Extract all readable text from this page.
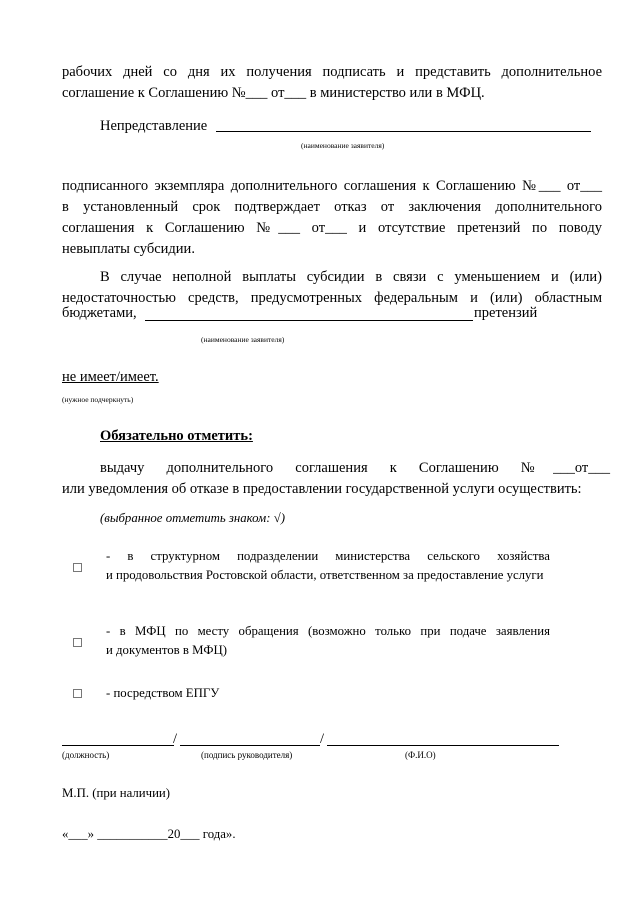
рабочих дней со дня их получения подписать и представить дополнительное
соглашение к Соглашению №___ от___ в министерство или в МФЦ.
Непредставление
(наименование заявителя)
подписанного экземпляра дополнительного соглашения к Соглашению №___ от___
в установленный срок подтверждает отказ от заключения дополнительного
соглашения к Соглашению №___ от___ и отсутствие претензий по поводу
невыплаты субсидии.
В случае неполной выплаты субсидии в связи с уменьшением и (или)
недостаточностью средств, предусмотренных федеральным и (или) областным
бюджетами,	претензий
(наименование заявителя)
не имеет/имеет.
(нужное подчеркнуть)
Обязательно отметить:
выдачу дополнительного соглашения к Соглашению №___от___
или уведомления об отказе в предоставлении государственной услуги осуществить:
(выбранное отметить знаком: √)
- в структурном подразделении министерства сельского хозяйства
и продовольствия Ростовской области, ответственном за предоставление услуги
- в МФЦ по месту обращения (возможно только при подаче заявления
и документов в МФЦ)
- посредством ЕПГУ
/	/
(должность)	(подпись руководителя)	(Ф.И.О)
М.П. (при наличии)
«___» ___________20___ года».
